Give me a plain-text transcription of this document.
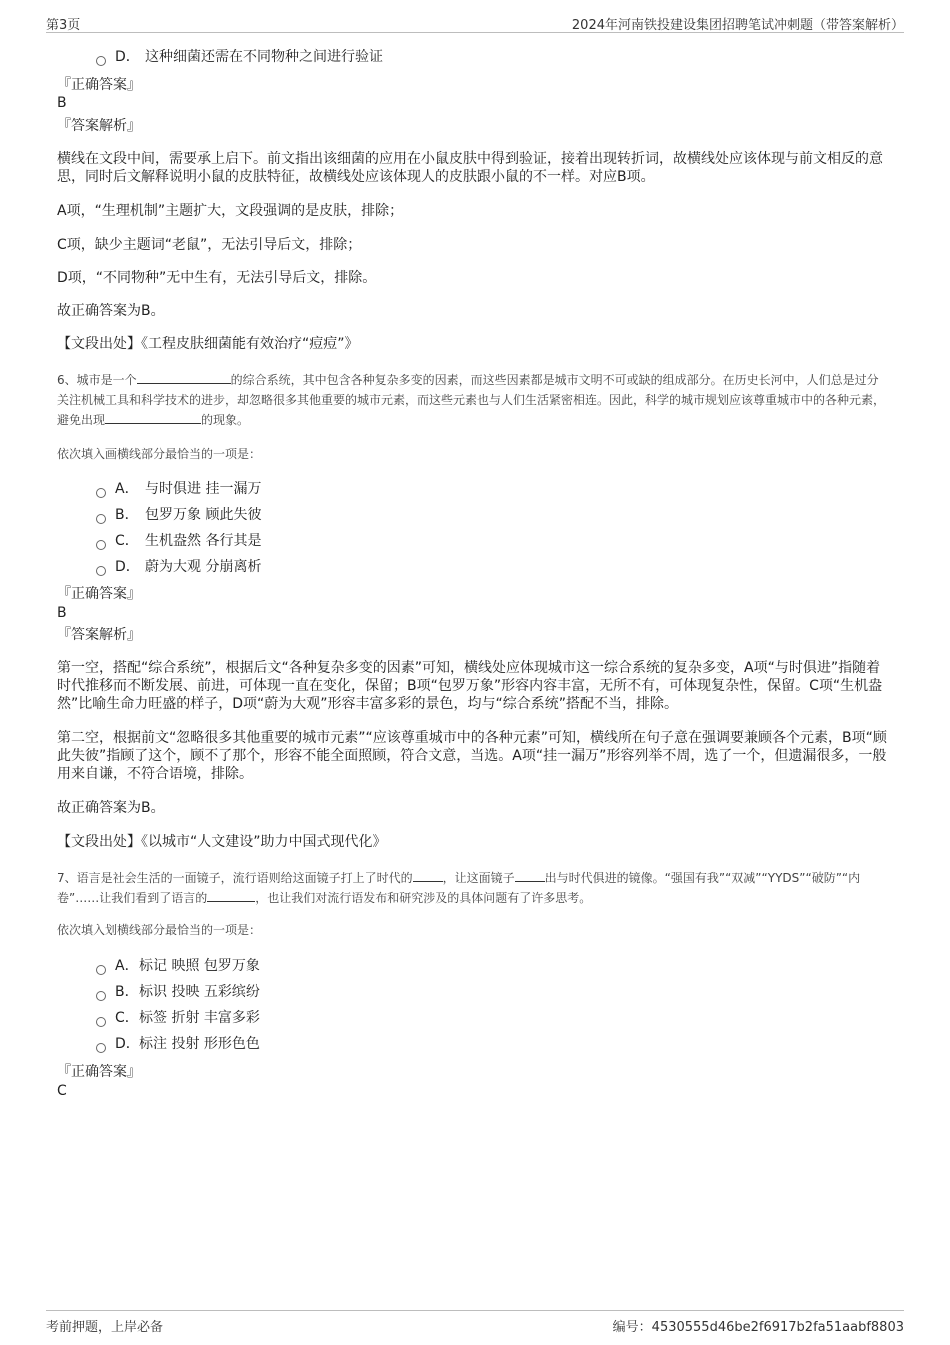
第3页	2024年河南铁投建设集团招聘笔试冲刺题（带答案解析）
D． 这种细菌还需在不同物种之间进行验证
『正确答案』
B
『答案解析』
横线在文段中间，需要承上启下。前文指出该细菌的应用在小鼠皮肤中得到验证，接着出现转折词，故横线处应该体现与前文相反的意思，同时后文解释说明小鼠的皮肤特征，故横线处应该体现人的皮肤跟小鼠的不一样。对应B项。
A项，“生理机制”主题扩大，文段强调的是皮肤，排除；
C项，缺少主题词“老鼠”，无法引导后文，排除；
D项，“不同物种”无中生有，无法引导后文，排除。
故正确答案为B。
【文段出处】《工程皮肤细菌能有效治疗“痘痘”》
6、城市是一个	的综合系统，其中包含各种复杂多变的因素，而这些因素都是城市文明不可或缺的组成部分。在历史长河中，人们总是过分关注机械工具和科学技术的进步，却忽略很多其他重要的城市元素，而这些元素也与人们生活紧密相连。因此，科学的城市规划应该尊重城市中的各种元素，避免出现	的现象。
依次填入画横线部分最恰当的一项是：
A． 与时俱进 挂一漏万
B． 包罗万象 顾此失彼
C． 生机盎然 各行其是
D． 蔚为大观 分崩离析
『正确答案』
B
『答案解析』
第一空，搭配“综合系统”，根据后文“各种复杂多变的因素”可知，横线处应体现城市这一综合系统的复杂多变，A项“与时俱进”指随着时代推移而不断发展、前进，可体现一直在变化，保留；B项“包罗万象”形容内容丰富，无所不有，可体现复杂性，保留。C项“生机盎然”比喻生命力旺盛的样子，D项“蔚为大观”形容丰富多彩的景色，均与“综合系统”搭配不当，排除。
第二空，根据前文“忽略很多其他重要的城市元素”“应该尊重城市中的各种元素”可知，横线所在句子意在强调要兼顾各个元素，B项“顾此失彼”指顾了这个，顾不了那个，形容不能全面照顾，符合文意，当选。A项“挂一漏万”形容列举不周，选了一个，但遗漏很多，一般用来自谦，不符合语境，排除。
故正确答案为B。
【文段出处】《以城市“人文建设”助力中国式现代化》
7、语言是社会生活的一面镜子，流行语则给这面镜子打上了时代的	，让这面镜子	出与时代俱进的镜像。“强国有我”“双减”“YYDS”“破防”“内卷”……让我们看到了语言的	，也让我们对流行语发布和研究涉及的具体问题有了许多思考。
依次填入划横线部分最恰当的一项是：
A．标记 映照 包罗万象
B．标识 投映 五彩缤纷
C．标签 折射 丰富多彩
D．标注 投射 形形色色
『正确答案』
C
考前押题，上岸必备	编号：4530555d46be2f6917b2fa51aabf8803
